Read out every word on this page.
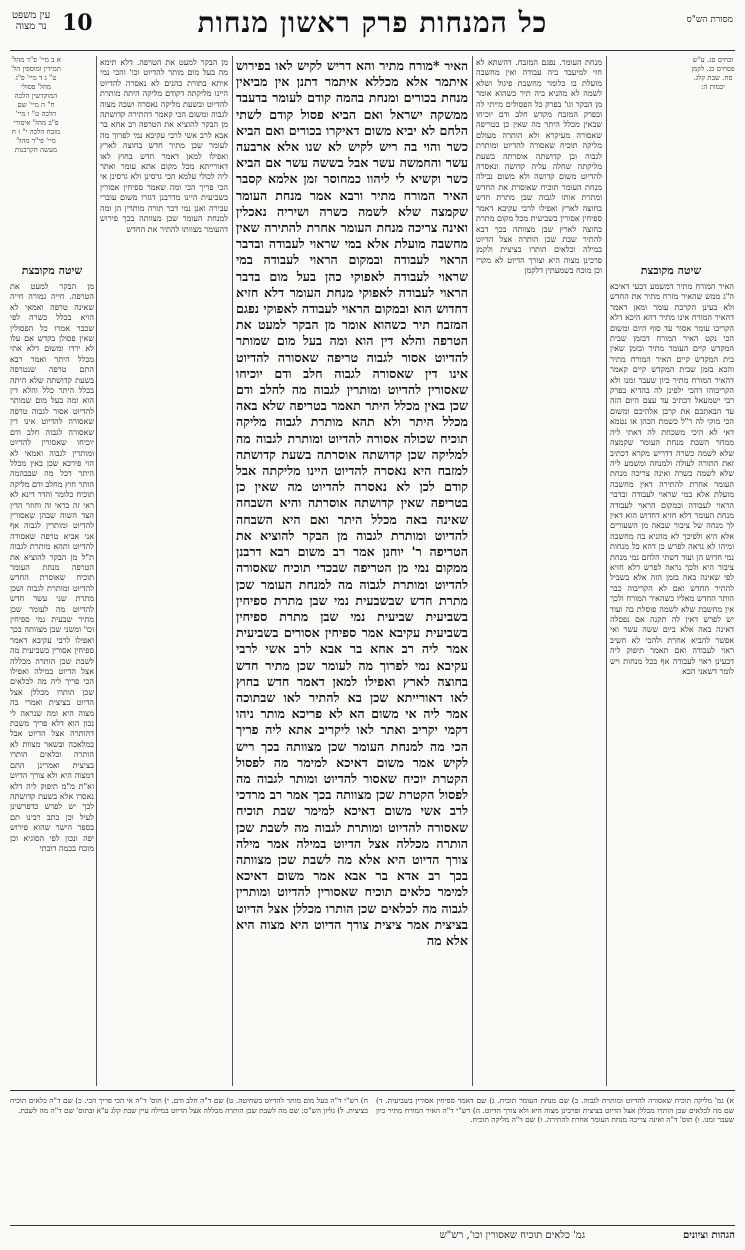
עין משפט
נר מצוה	10	כל המנחות פרק ראשון מנחות	מסורת הש"ס
א ב מיי' פ"ד מהל' תמידין ומוספין הל' ט" ג ד מיי' פ"ג מהל' פסולי המוקדשין הלכה ח" ה מיי' שם הלכה ט" ו מיי' פ"ב מהל' איסורי מזבח הלכה י" ז ח מיי' פי"ד מהל' מעשה הקרבנות
זבחים סג. ע"ש פסחים כג. לקמן סח. שבת קלג. יבמות ה:
שיטה מקובצת
האיר המורח מתיר דמשמע דבעי דאיכא ה"ג ממש שהאיר מזרח מתיר את החדש ולא בעינן הקרבת עומר ומאן דאמר דהאיר המורח אינו מתיר דהא היכא דלא הקריבו עומר אסור עד סוף היום ומשום הכי נקט האיר המורח דבזמן שבית המקדש קיים העומר מתיר ובזמן שאין בית המקדש קיים האיר המורח מתיר והכא בזמן שבית המקדש קיים קאמר דהאיר המורח מתיר כיון שעבר זמנו ולא הקריבוהו דהכי ילפינן לה בהדיא בפרק רבי ישמעאל דכתיב עד עצם היום הזה עד הבאתכם את קרבן אלהיכם ומשום הכי מוקי לה ר"ל כשמת הכהן או נטמא דאי לא היכי משכחת לה דאתי ליה ממחר השבת מנחת העומר שקמצה שלא לשמה כשרה דדריש מקרא דכתיב זאת התורה לעולה ולמנחה ומשמע ליה שלא לשמה כשרה ואינה צריכה מנחת העומר אחרת להתירה דאין מחשבה מועלת אלא במי שראוי לעבודה ובדבר הראוי לעבודה ובמקום הראוי לעבודה מנחת העומר דלא חזיא דחדוש הוא דאין לך מנחה של ציבור שבאה מן השעורים אלא היא ולפיכך לא מהניא בה מחשבה ומיהו לא נראה לפרש כן דהא כל מנחות נמי חדוש הן ועוד דשתי הלחם נמי מנחת ציבור היא ולכך נראה לפרש דלא חזיא לפי שאינה באה בזמן הזה אלא בשביל להתיר החדש ואם לא הקריבוה כבר הותר החדש מאליו כשהאיר המורח ולכך אין מחשבת שלא לשמה פוסלת בה ועוד יש לפרש דאין לה תקנה אם נפסלה דאינה באה אלא ביום ששה עשר ואי אפשר להביא אחרת ולהכי לא חשיב ראוי לעבודה ואם תאמר תיפוק ליה דבעינן ראוי לעבודה אף בכל מנחות ויש לומר דשאני הכא
מנחת העומר. נפגם המזבח. דהשתא לא חזי למיעבד ביה עבודה ואין מחשבה מועלת בו כלומר מחשבת פיגול ושלא לשמה לא מהניא ביה תיר כשהוא אומר מן הבקר וגו' בפרק כל הפסולים מייתי לה ובפרק המזבח מקדש חלב ודם יוכיחו שבאין מכלל היתר מה שאין כן בטריפה שאסורה מעיקרא ולא הותרה מעולם מליקה תוכיח שאסורה להדיוט ומותרת לגבוה וכן קדושתה אוסרתה בשעת מליקתה שחלה עליה קדושה ונאסרה להדיוט משום קדושה ולא משום נבילה מנחת העומר תוכיח שאוסרת את החדש ומתרת אותו לגבוה שבן מתרת חדש בחוצה לארץ ואפילו לרבי עקיבא דאמר ספיחין אסורין בשביעית מכל מקום מתרת בחוצה לארץ שבן מצוותה בכך דבא להתיר שבת שכן הותרה אצל הדיוט במילה וכלאים הותרו בציצית ולקמן פרכינן מצוה היא וצורך הדיוט לא מקרי וכן מוכח בשמעתין דלקמן
האיר *מורח מתיר והא דריש לקיש לאו בפירוש איתמר אלא מכללא איתמר דתנן אין מביאין מנחת בכורים ומנחת בהמה קודם לעומר בדעבד ממשקה ישראל ואם הביא פסול קודם לשתי הלחם לא יביא משום דאיקרו בכורים ואם הביא כשר והוי בה ריש לקיש לא שנו אלא ארבעה עשר והחמשה עשר אבל בששה עשר אם הביא כשר וקשיא לי ליהוו כמחוסר זמן אלמא קסבר האיר המורח מתיר ורבא אמר מנחת העומר שקמצה שלא לשמה כשרה ושיריה נאכלין ואינה צריכה מנחת העומר אחרת להתירה שאין מחשבה מועלת אלא במי שראוי לעבודה ובדבר הראוי לעבודה ובמקום הראוי לעבודה במי שראוי לעבודה לאפוקי כהן בעל מום בדבר הראוי לעבודה לאפוקי מנחת העומר דלא חזיא דחדוש הוא ובמקום הראוי לעבודה לאפוקי נפגם המזבח תיר כשהוא אומר מן הבקר למעט את הטרפה והלא דין הוא ומה בעל מום שמותר להדיוט אסור לגבוה טריפה שאסורה להדיוט אינו דין שאסורה לגבוה חלב ודם יוכיחו שאסורין להדיוט ומותרין לגבוה מה להלב ודם שכן באין מכלל היתר תאמר בטריפה שלא באה מכלל היתר ולא תהא מותרת לגבוה מליקה תוכיח שכולה אסורה להדיוט ומותרת לגבוה מה למליקה שכן קדושתה אוסרתה בשעת קדושתה למזבח היא נאסרה להדיוט היינו מליקתה אבל קודם לכן לא נאסרה להדיוט מה שאין כן בטריפה שאין קדושתה אוסרתה והיא השבחה שאינה באה מכלל היתר ואם היא השבחה להדיוט ומותרת לגבוה מן הבקר להוציא את הטריפה ר' יוחנן אמר רב משום רבא דרבנן ממקום נמי מן הטריפה שבכדי תוכיח שאסורה להדיוט ומותרת לגבוה מה למנחת העומר שכן מתרת חדש שבשבעית נמי שבן מתרת ספיחין בשביעית שביעית נמי שבן מתרת ספיחין בשביעית עקיבא אמר ספיחין אסורים בשביעית אמר ליה רב אחא בר אבא לרב אשי לרבי עקיבא נמי לפרוך מה לעומר שכן מתיר חדש בחוצה לארץ ואפילו למאן דאמר חדש בחוץ לאו דאורייתא שכן בא להתיר לאו שבתוכה אמר ליה אי משום הא לא פריכא מותר ניהו דקמי יקריב ואתר לאו ליקריב אתא ליה פריך הכי מה למנחת העומר שכן מצוותה בכך ריש לקיש אמר משום דאיכא למימר מה לפסול הקטרת יוכיח שאסור להדיוט ומותר לגבוה מה לפסול הקטרת שכן מצוותה בכך אמר רב מרדכי לרב אשי משום דאיכא למימר שבת תוכיח שאסורה להדיוט ומותרת לגבוה מה לשבת שכן הותרה מכללה אצל הדיוט במילה אמר מילה צורך הדיוט היא אלא מה לשבת שכן מצוותה בכך רב אדא בר אבא אמר משום דאיכא למימר כלאים תוכיח שאסורין להדיוט ומותרין לגבוה מה לכלאים שכן הותרו מכללן אצל הדיוט בציצית אמר ציצית צורך הדיוט היא מצוה היא אלא מה
מן הבקר למעט את הטרפה. דלא תימא מה בעל מום מותר להדיוט וכו' והכי נמי איתא בתורת כהנים לא נאסרה להדיוט היינו מליקתה דקודם מליקה היתה מותרת להדיוט ובשעת מליקה נאסרה ושבה מצוה לגבוה ומשום הכי קאמר דהתירה קדושתה מן הבקר להוציא את הטרפה רב אחא בר אבא לרב אשי לרבי עקיבא נמי לפרוך מה לעומר שכן מתיר חדש בחוצה לארץ ואפילו למאן דאמר חדש בחוץ לאו דאורייתא מכל מקום אתא עומר ואתר ליה לכולי עלמא הכי גרסינן ולא גרסינן אי הכי פריך הכי ומה שאמר ספיחין אסורין בשביעית היינו מדרבנן דגזרו משום עוברי עבירה ואנן נמי דבר תורה מותרין הן ומה למנחת העומר שכן מצוותה בכך פירוש דהעומר מצוותו להתיר את החדש
שיטה מקובצת
מן הבקר למעט את הטרפה. חייה גמורה חייה שאינה טרפה ואמאי לא הויא בכלל כשרה לפי שכבר אמרו כל הפסולין שאין פסולן בקדש אם עלו לא ירדו ומשום דלא אתי מכלל היתר ואמר רבא התם טרפה שנטרפה בשעת קדושתה שלא היתה בכלל היתר כלל והלא דין הוא ומה בעל מום שמותר להדיוט אסור לגבוה טרפה שאסורה להדיוט אינו דין שאסורה לגבוה חלב ודם יוכיחו שאסורין להדיוט ומותרין לגבוה ואמאי לא הוי פירכא שכן באין מכלל היתר דכל מה שבבהמה הותר חוץ מחלב ודם מליקה תוכיח כלומר והדר דינא לא ראי זה כראי זה וחוזר הדין הצד השוה שבהן שאסורין להדיוט ומותרין לגבוה אף אני אביא טרפה שאסורה להדיוט ותהא מותרת לגבוה ת"ל מן הבקר להוציא את הטרפה מנחת העומר תוכיח שאוסרת החדש להדיוט ומותרת לגבוה ושכן מתרת שני עשר חדש להדיוט מה לעומר שכן מתיר שבעית נמי ספיחין וכו' ומשני שבן מצוותה בכך ואפילו לרבי עקיבא דאמר ספיחין אסורין בשביעית מה לשבת שכן הותרה מכללה אצל הדיוט במילה ואפילו הכי פריך ליה מה לכלאים שכן הותרו מכללן אצל הדיוט בציצית ואמרי בה מצוה היא ומה שנראה לי נכון הוא דלא פריך משבת דהותרה אצל הדיוט אבל במלאכה ובשאר מצוות לא הותרה וכלאים הותרו בציצית ואמרינן התם דמצוה היא ולא צורך הדיוט וא"ת מ"מ תיפוק ליה דלא נאסרו אלא בשעת קדושתה לכך יש לפרש כדפרשינן לעיל וכן כתב רבינו תם בספר הישר שהוא פירוש יפה ונכון לפי הסוגיא וכן מוכח בכמה דוכתי
א) גמ' מליקה תוכיח שאסורה להדיוט ומותרת לגבוה. ב) שם מנחת העומר תוכיח. ג) שם דאמר ספיחין אסורין בשביעית. ד) שם מה לכלאים שכן הותרו מכללן אצל הדיוט בציצית ופרכינן מצוה היא ולא צורך הדיוט. ה) רש"י ד"ה האיר המורח מתיר כיון שעבר זמנו. ו) תוס' ד"ה ואינה צריכה מנחת העומר אחרת להתירה. ז) שם ד"ה מליקה תוכיח.
ח) רש"י ד"ה בעל מום מותר להדיוט בשחיטה. ט) שם ד"ה חלב ודם. י) תוס' ד"ה אי הכי פריך הכי. כ) שם ד"ה כלאים תוכיח בציצית. ל) גליון הש"ס: שם מה לשבת שכן הותרה מכללה אצל הדיוט במילה עיין שבת קלג ע"א ובתוס' שם ד"ה מה לשבת.
הגהות וציונים
גמ' כלאים תוכיח שאסורין וכו', רש"ש
